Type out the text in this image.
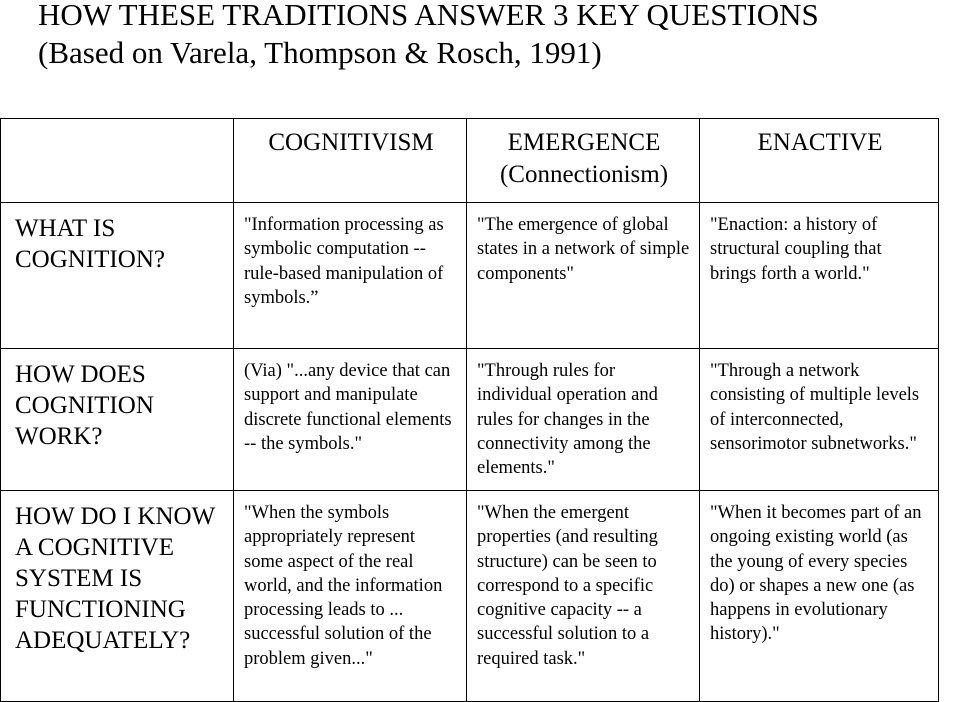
HOW THESE TRADITIONS ANSWER 3 KEY QUESTIONS
(Based on Varela, Thompson & Rosch, 1991)
	COGNITIVISM	EMERGENCE (Connectionism)	ENACTIVE
WHAT IS COGNITION?	"Information processing as symbolic computation -- rule-based manipulation of symbols.”	"The emergence of global states in a network of simple components"	"Enaction: a history of structural coupling that brings forth a world."
HOW DOES COGNITION WORK?	(Via) "...any device that can support and manipulate discrete functional elements -- the symbols."	"Through rules for individual operation and rules for changes in the connectivity among the elements."	"Through a network consisting of multiple levels of interconnected, sensorimotor subnetworks."
HOW DO I KNOW A COGNITIVE SYSTEM IS FUNCTIONING ADEQUATELY?	"When the symbols appropriately represent some aspect of the real world, and the information processing leads to ... successful solution of the problem given..."	"When the emergent properties (and resulting structure) can be seen to correspond to a specific cognitive capacity -- a successful solution to a required task."	"When it becomes part of an ongoing existing world (as the young of every species do) or shapes a new one (as happens in evolutionary history)."
